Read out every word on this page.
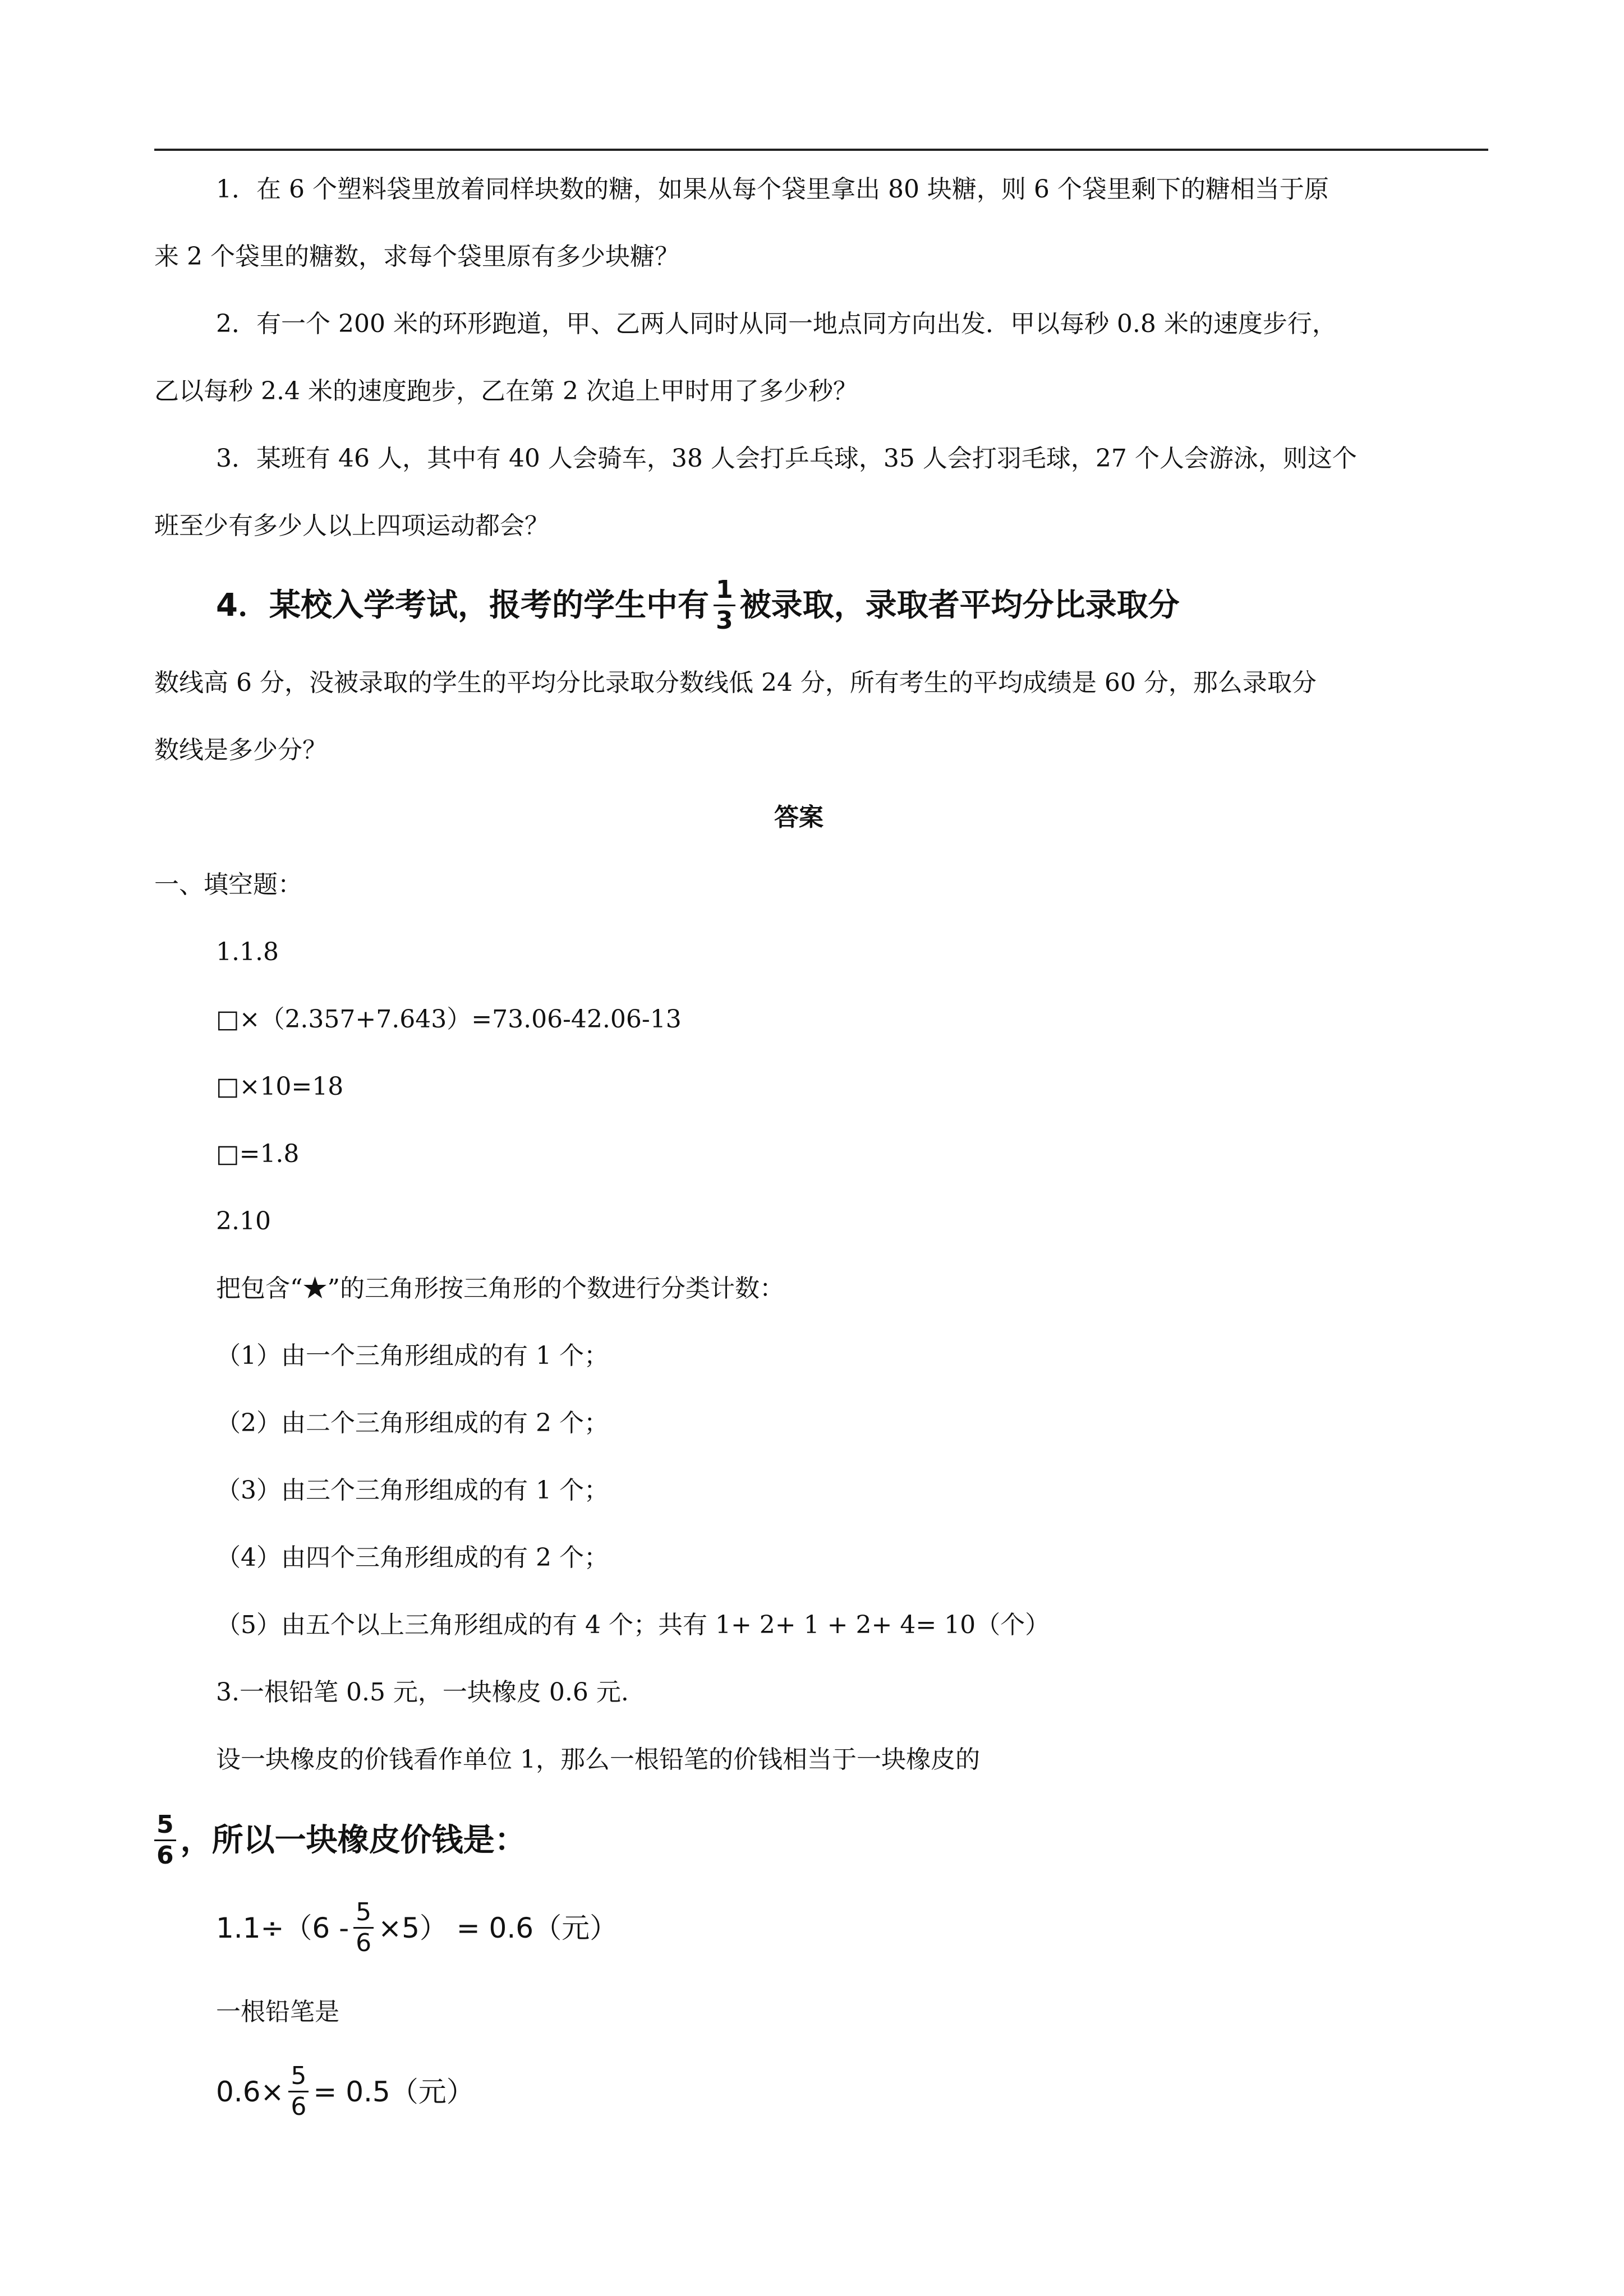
1．在 6 个塑料袋里放着同样块数的糖，如果从每个袋里拿出 80 块糖，则 6 个袋里剩下的糖相当于原
来 2 个袋里的糖数，求每个袋里原有多少块糖？
2．有一个 200 米的环形跑道，甲、乙两人同时从同一地点同方向出发．甲以每秒 0.8 米的速度步行，
乙以每秒 2.4 米的速度跑步，乙在第 2 次追上甲时用了多少秒？
3．某班有 46 人，其中有 40 人会骑车，38 人会打乒乓球，35 人会打羽毛球，27 个人会游泳，则这个
班至少有多少人以上四项运动都会？
4．某校入学考试，报考的学生中有 $\frac{1}{3}$ 被录取，录取者平均分比录取分
数线高 6 分，没被录取的学生的平均分比录取分数线低 24 分，所有考生的平均成绩是 60 分，那么录取分
数线是多少分？
答案
一、填空题：
1.1.8
□×（2.357+7.643）=73.06-42.06-13
□×10=18
□=1.8
2.10
把包含“★”的三角形按三角形的个数进行分类计数：
（1）由一个三角形组成的有 1 个；
（2）由二个三角形组成的有 2 个；
（3）由三个三角形组成的有 1 个；
（4）由四个三角形组成的有 2 个；
（5）由五个以上三角形组成的有 4 个；共有 1+ 2+ 1 + 2+ 4= 10（个）
3.一根铅笔 0.5 元，一块橡皮 0.6 元.
设一块橡皮的价钱看作单位 1，那么一根铅笔的价钱相当于一块橡皮的
$\frac{5}{6}$ ，所以一块橡皮价钱是：
$1.1\div(6 - \frac{5}{6} \times 5) = 0.6$（元）
一根铅笔是
$0.6\times \frac{5}{6} = 0.5$（元）
